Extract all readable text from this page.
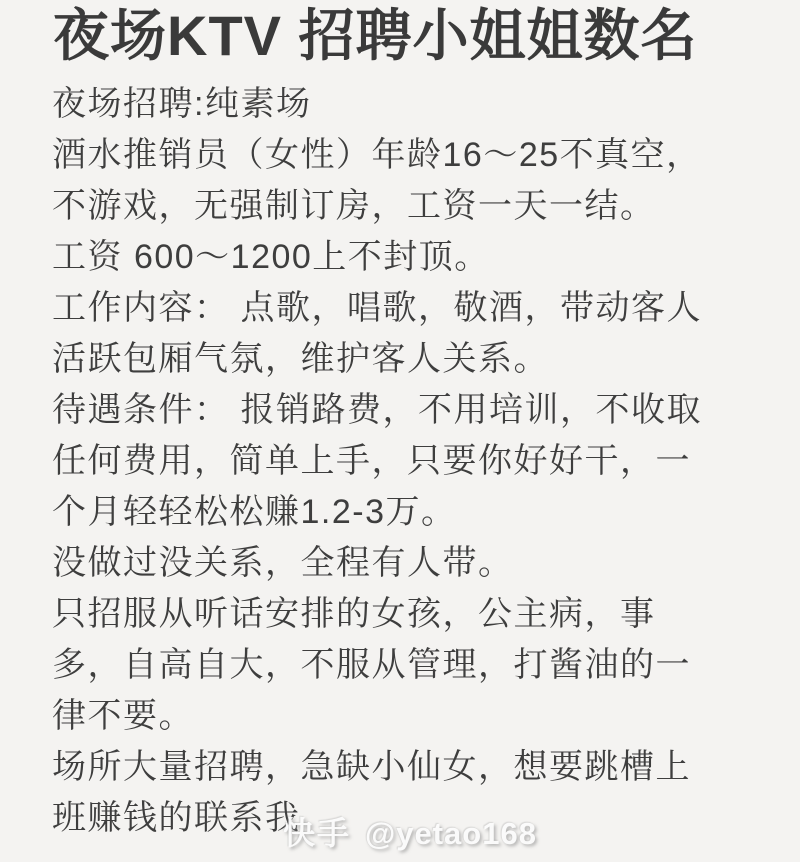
夜场KTV 招聘小姐姐数名
夜场招聘:纯素场
酒水推销员（女性）年龄16～25不真空，
不游戏，无强制订房，工资一天一结。
工资 600～1200上不封顶。
工作内容： 点歌，唱歌，敬酒，带动客人
活跃包厢气氛，维护客人关系。
待遇条件： 报销路费，不用培训，不收取
任何费用，简单上手，只要你好好干，一
个月轻轻松松赚1.2-3万。
没做过没关系，全程有人带。
只招服从听话安排的女孩，公主病，事
多，自高自大，不服从管理，打酱油的一
律不要。
场所大量招聘，急缺小仙女，想要跳槽上
班赚钱的联系我
快手 @yetao168
